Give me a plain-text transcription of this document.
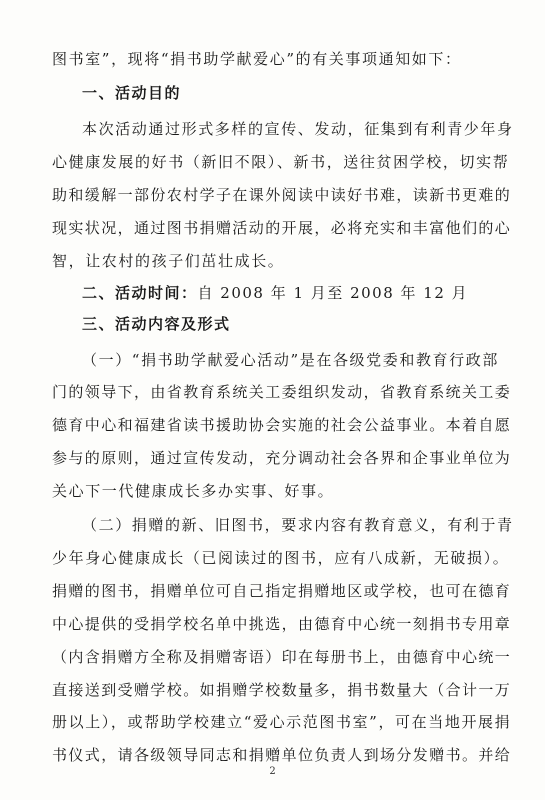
图书室”，现将“捐书助学献爱心”的有关事项通知如下：
一、活动目的
本次活动通过形式多样的宣传、发动，征集到有利青少年身
心健康发展的好书（新旧不限）、新书，送往贫困学校，切实帮
助和缓解一部份农村学子在课外阅读中读好书难，读新书更难的
现实状况，通过图书捐赠活动的开展，必将充实和丰富他们的心
智，让农村的孩子们茁壮成长。
二、活动时间：自 2008 年 1 月至 2008 年 12 月
三、活动内容及形式
（一）“捐书助学献爱心活动”是在各级党委和教育行政部
门的领导下，由省教育系统关工委组织发动，省教育系统关工委
德育中心和福建省读书援助协会实施的社会公益事业。本着自愿
参与的原则，通过宣传发动，充分调动社会各界和企事业单位为
关心下一代健康成长多办实事、好事。
（二）捐赠的新、旧图书，要求内容有教育意义，有利于青
少年身心健康成长（已阅读过的图书，应有八成新，无破损）。
捐赠的图书，捐赠单位可自己指定捐赠地区或学校，也可在德育
中心提供的受捐学校名单中挑选，由德育中心统一刻捐书专用章
（内含捐赠方全称及捐赠寄语）印在每册书上，由德育中心统一
直接送到受赠学校。如捐赠学校数量多，捐书数量大（合计一万
册以上），或帮助学校建立“爱心示范图书室”，可在当地开展捐
书仪式，请各级领导同志和捐赠单位负责人到场分发赠书。并给
2
